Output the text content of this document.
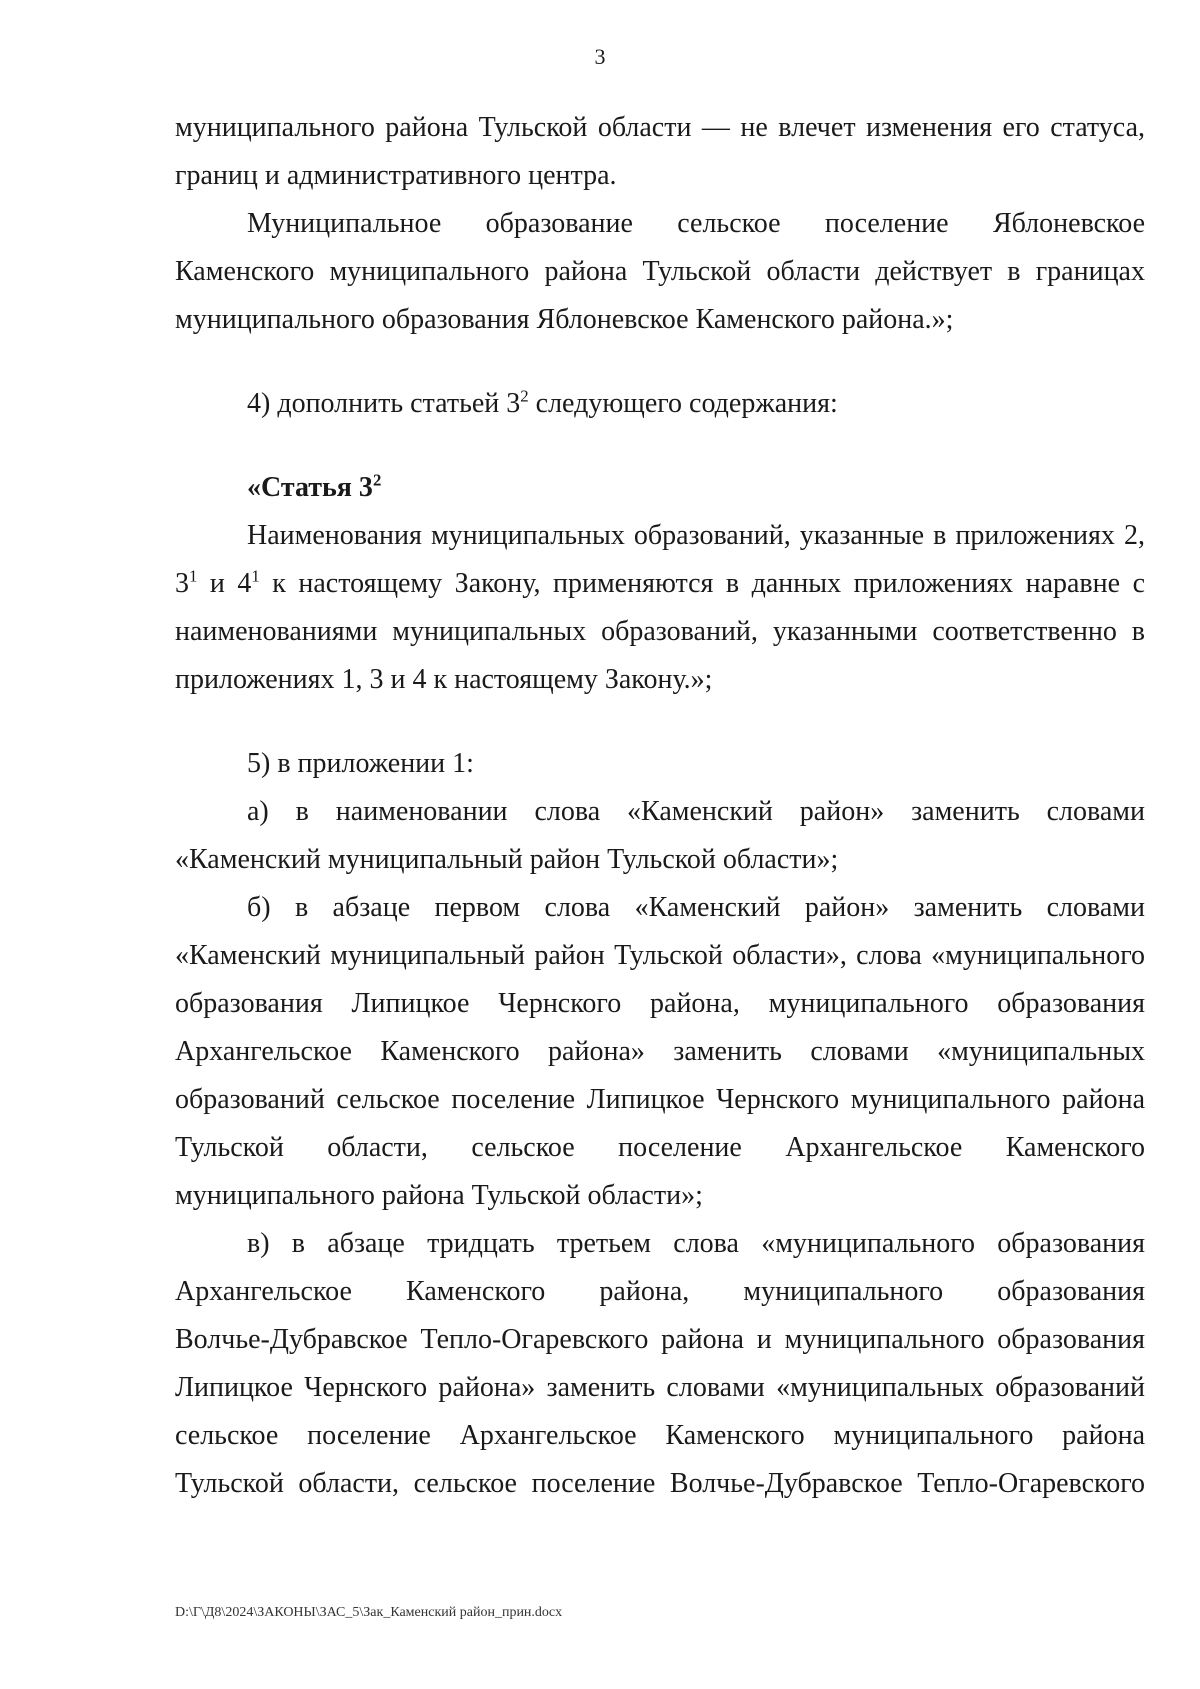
3
муниципального района Тульской области — не влечет изменения его статуса,
границ и административного центра.
Муниципальное образование сельское поселение Яблоневское
Каменского муниципального района Тульской области действует в границах
муниципального образования Яблоневское Каменского района.»;
4) дополнить статьей $3^2$ следующего содержания:
«Статья $3^2$
Наименования муниципальных образований, указанные в приложениях 2,
$3^1$ и $4^1$ к настоящему Закону, применяются в данных приложениях наравне с
наименованиями муниципальных образований, указанными соответственно в
приложениях 1, 3 и 4 к настоящему Закону.»;
5) в приложении 1:
а) в наименовании слова «Каменский район» заменить словами
«Каменский муниципальный район Тульской области»;
б) в абзаце первом слова «Каменский район» заменить словами
«Каменский муниципальный район Тульской области», слова «муниципального
образования Липицкое Чернского района, муниципального образования
Архангельское Каменского района» заменить словами «муниципальных
образований сельское поселение Липицкое Чернского муниципального района
Тульской области, сельское поселение Архангельское Каменского
муниципального района Тульской области»;
в) в абзаце тридцать третьем слова «муниципального образования
Архангельское Каменского района, муниципального образования
Волчье-Дубравское Тепло-Огаревского района и муниципального образования
Липицкое Чернского района» заменить словами «муниципальных образований
сельское поселение Архангельское Каменского муниципального района
Тульской области, сельское поселение Волчье-Дубравское Тепло-Огаревского
D:\Г\Д8\2024\ЗАКОНЫ\ЗАС_5\Зак_Каменский район_прин.docx
